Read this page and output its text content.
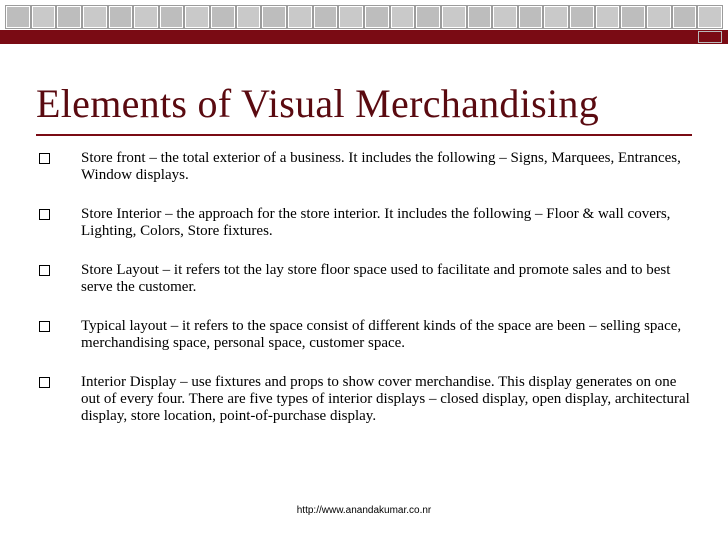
Elements of Visual Merchandising
Store front – the total exterior of a business. It includes the following – Signs, Marquees, Entrances, Window displays.
Store Interior – the approach for the store interior. It includes the following – Floor & wall covers, Lighting, Colors, Store fixtures.
Store Layout – it refers tot the lay store floor space used to facilitate and promote sales and to best serve the customer.
Typical layout – it refers to the space consist of different kinds of the space are been – selling space, merchandising space, personal space, customer space.
Interior Display – use fixtures and props to show cover merchandise. This display generates on one out of every four. There are five types of interior displays – closed display, open display, architectural display, store location, point-of-purchase display.
http://www.anandakumar.co.nr
